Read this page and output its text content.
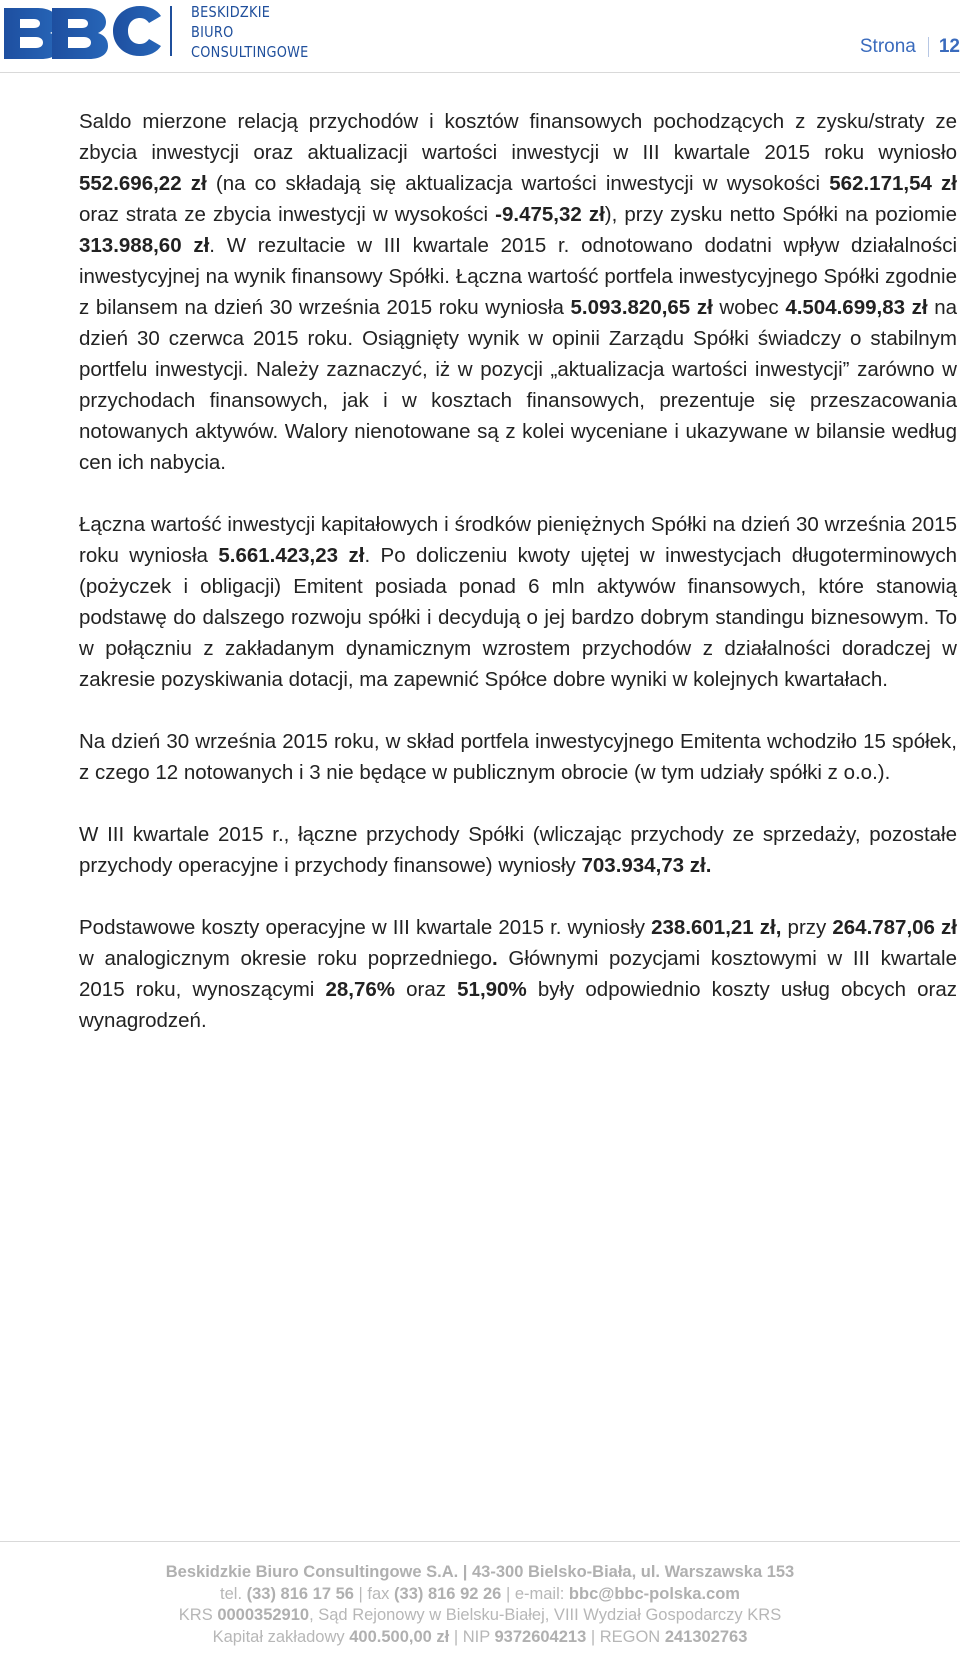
BBC
BESKIDZKIE
BIURO
CONSULTINGOWE	Strona 12

Saldo mierzone relacją przychodów i kosztów finansowych pochodzących z zysku/straty ze zbycia inwestycji oraz aktualizacji wartości inwestycji w III kwartale 2015 roku wyniosło 552.696,22 zł (na co składają się aktualizacja wartości inwestycji w wysokości 562.171,54 zł oraz strata ze zbycia inwestycji w wysokości -9.475,32 zł), przy zysku netto Spółki na poziomie 313.988,60 zł. W rezultacie w III kwartale 2015 r. odnotowano dodatni wpływ działalności inwestycyjnej na wynik finansowy Spółki. Łączna wartość portfela inwestycyjnego Spółki zgodnie z bilansem na dzień 30 września 2015 roku wyniosła 5.093.820,65 zł wobec 4.504.699,83 zł na dzień 30 czerwca 2015 roku. Osiągnięty wynik w opinii Zarządu Spółki świadczy o stabilnym portfelu inwestycji. Należy zaznaczyć, iż w pozycji „aktualizacja wartości inwestycji” zarówno w przychodach finansowych, jak i w kosztach finansowych, prezentuje się przeszacowania notowanych aktywów. Walory nienotowane są z kolei wyceniane i ukazywane w bilansie według cen ich nabycia.

Łączna wartość inwestycji kapitałowych i środków pieniężnych Spółki na dzień 30 września 2015 roku wyniosła 5.661.423,23 zł. Po doliczeniu kwoty ujętej w inwestycjach długoterminowych (pożyczek i obligacji) Emitent posiada ponad 6 mln aktywów finansowych, które stanowią podstawę do dalszego rozwoju spółki i decydują o jej bardzo dobrym standingu biznesowym. To w połączniu z zakładanym dynamicznym wzrostem przychodów z działalności doradczej w zakresie pozyskiwania dotacji, ma zapewnić Spółce dobre wyniki w kolejnych kwartałach.

Na dzień 30 września 2015 roku, w skład portfela inwestycyjnego Emitenta wchodziło 15 spółek, z czego 12 notowanych i 3 nie będące w publicznym obrocie (w tym udziały spółki z o.o.).

W III kwartale 2015 r., łączne przychody Spółki (wliczając przychody ze sprzedaży, pozostałe przychody operacyjne i przychody finansowe) wyniosły 703.934,73 zł.

Podstawowe koszty operacyjne w III kwartale 2015 r. wyniosły 238.601,21 zł, przy 264.787,06 zł w analogicznym okresie roku poprzedniego. Głównymi pozycjami kosztowymi w III kwartale 2015 roku, wynoszącymi 28,76% oraz 51,90% były odpowiednio koszty usług obcych oraz wynagrodzeń.

Beskidzkie Biuro Consultingowe S.A. | 43-300 Bielsko-Biała, ul. Warszawska 153
tel. (33) 816 17 56 | fax (33) 816 92 26 | e-mail: bbc@bbc-polska.com
KRS 0000352910, Sąd Rejonowy w Bielsku-Białej, VIII Wydział Gospodarczy KRS
Kapitał zakładowy 400.500,00 zł | NIP 9372604213 | REGON 241302763
